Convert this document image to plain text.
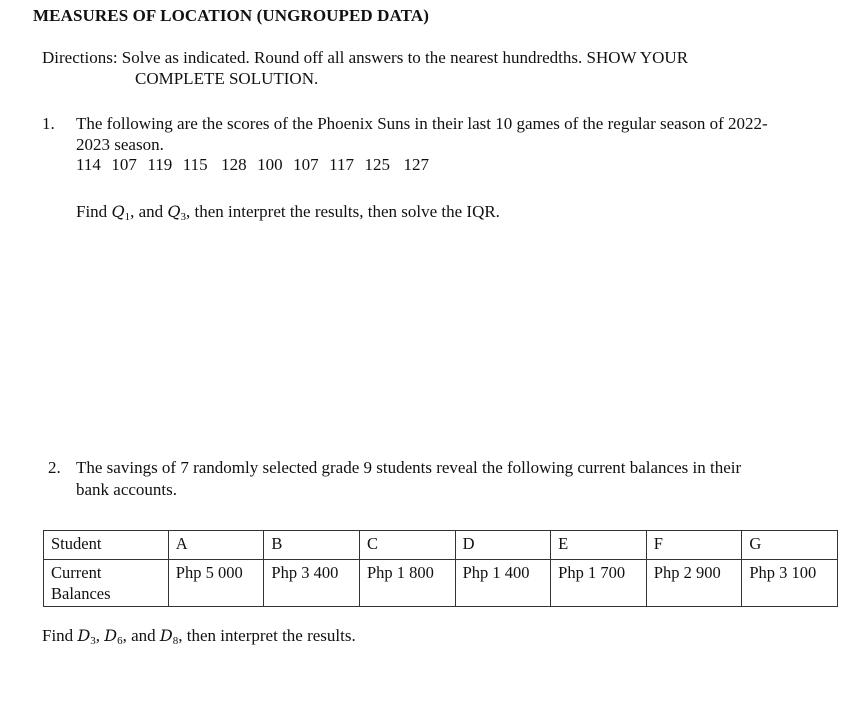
MEASURES OF LOCATION (UNGROUPED DATA)
Directions: Solve as indicated. Round off all answers to the nearest hundredths. SHOW YOUR
COMPLETE SOLUTION.
1. The following are the scores of the Phoenix Suns in their last 10 games of the regular season of 2022-
2023 season.
114 107 119 115 128 100 107 117 125 127
Find $Q_1$, and $Q_3$, then interpret the results, then solve the IQR.
2. The savings of 7 randomly selected grade 9 students reveal the following current balances in their
bank accounts.
Student	A	B	C	D	E	F	G

Current
Balances	Php 5 000	Php 3 400	Php 1 800	Php 1 400	Php 1 700	Php 2 900	Php 3 100
Find $D_3$, $D_6$, and $D_8$, then interpret the results.
